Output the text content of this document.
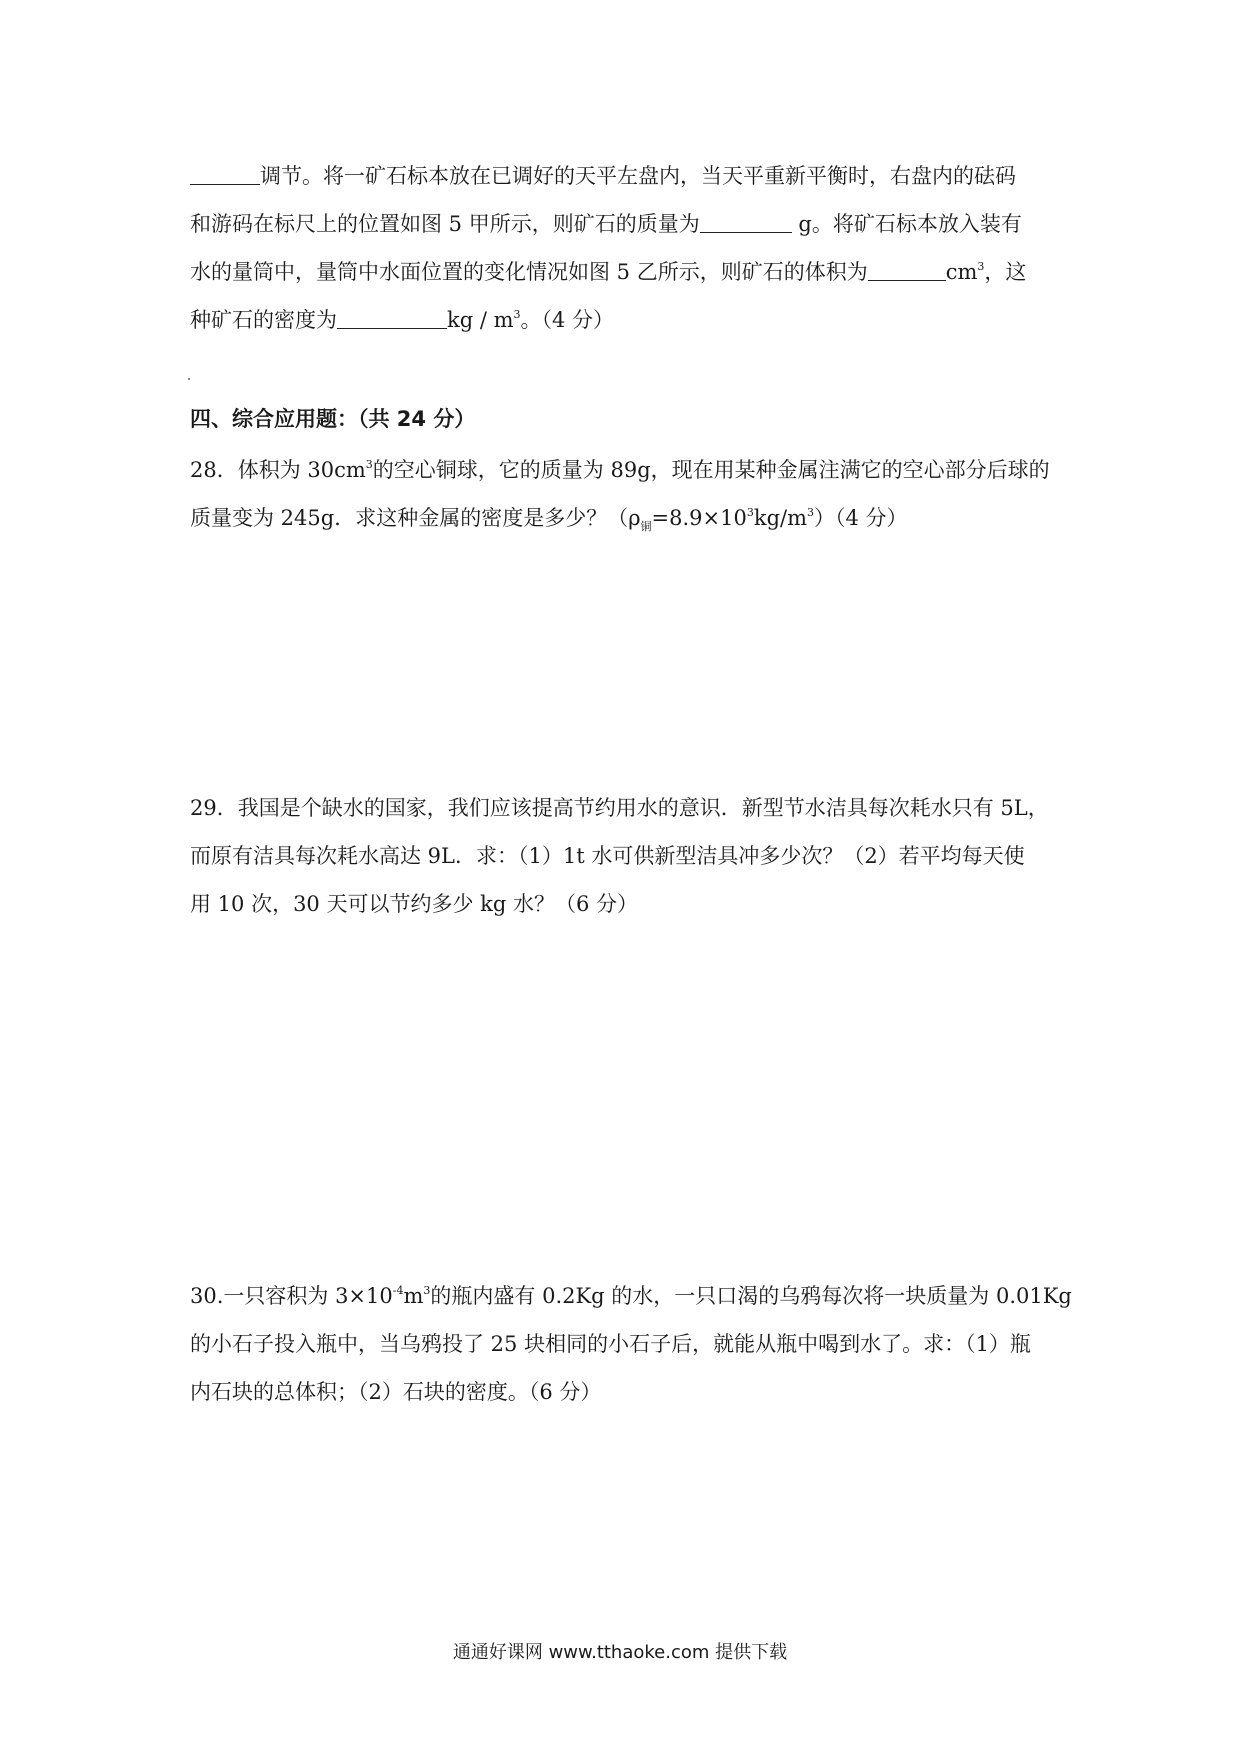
调节。将一矿石标本放在已调好的天平左盘内，当天平重新平衡时，右盘内的砝码
和游码在标尺上的位置如图 5 甲所示，则矿石的质量为	g。将矿石标本放入装有
水的量筒中，量筒中水面位置的变化情况如图 5 乙所示，则矿石的体积为	$cm^3$，这
种矿石的密度为	kg / $m^3$。（4 分）
四、综合应用题：（共 24 分）
28．体积为 $30cm^3$的空心铜球，它的质量为 89g，现在用某种金属注满它的空心部分后球的
质量变为 245g．求这种金属的密度是多少？$(\rho_铜=8.9\times 10^3kg/m^3)(4$ 分）
29．我国是个缺水的国家，我们应该提高节约用水的意识．新型节水洁具每次耗水只有 5L，
而原有洁具每次耗水高达 9L．求：（1）1t 水可供新型洁具冲多少次？（2）若平均每天使
用 10 次，30 天可以节约多少 kg 水？（6 分）
30.一只容积为 $3\times 10^{-4}m^3$的瓶内盛有 0.2Kg 的水，一只口渴的乌鸦每次将一块质量为 0.01Kg
的小石子投入瓶中，当乌鸦投了 25 块相同的小石子后，就能从瓶中喝到水了。求：（1）瓶
内石块的总体积；（2）石块的密度。（6 分）
通通好课网 www.tthaoke.com 提供下载
